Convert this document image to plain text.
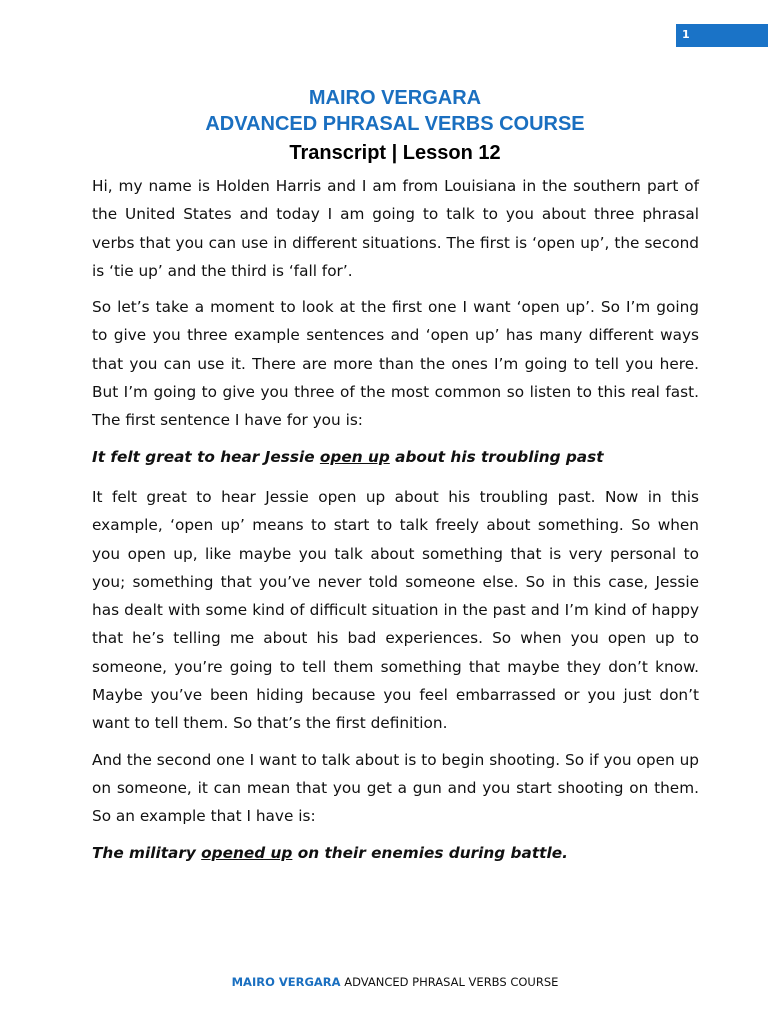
1
MAIRO VERGARA
ADVANCED PHRASAL VERBS COURSE
Transcript | Lesson 12

Hi, my name is Holden Harris and I am from Louisiana in the southern part of the United States and today I am going to talk to you about three phrasal verbs that you can use in different situations. The first is ‘open up’, the second is ‘tie up’ and the third is ‘fall for’.

So let’s take a moment to look at the first one I want ‘open up’. So I’m going to give you three example sentences and ‘open up’ has many different ways that you can use it. There are more than the ones I’m going to tell you here. But I’m going to give you three of the most common so listen to this real fast. The first sentence I have for you is:

It felt great to hear Jessie open up about his troubling past

It felt great to hear Jessie open up about his troubling past. Now in this example, ‘open up’ means to start to talk freely about something. So when you open up, like maybe you talk about something that is very personal to you; something that you’ve never told someone else. So in this case, Jessie has dealt with some kind of difficult situation in the past and I’m kind of happy that he’s telling me about his bad experiences. So when you open up to someone, you’re going to tell them something that maybe they don’t know. Maybe you’ve been hiding because you feel embarrassed or you just don’t want to tell them. So that’s the first definition.

And the second one I want to talk about is to begin shooting. So if you open up on someone, it can mean that you get a gun and you start shooting on them. So an example that I have is:

The military opened up on their enemies during battle.

MAIRO VERGARA ADVANCED PHRASAL VERBS COURSE
